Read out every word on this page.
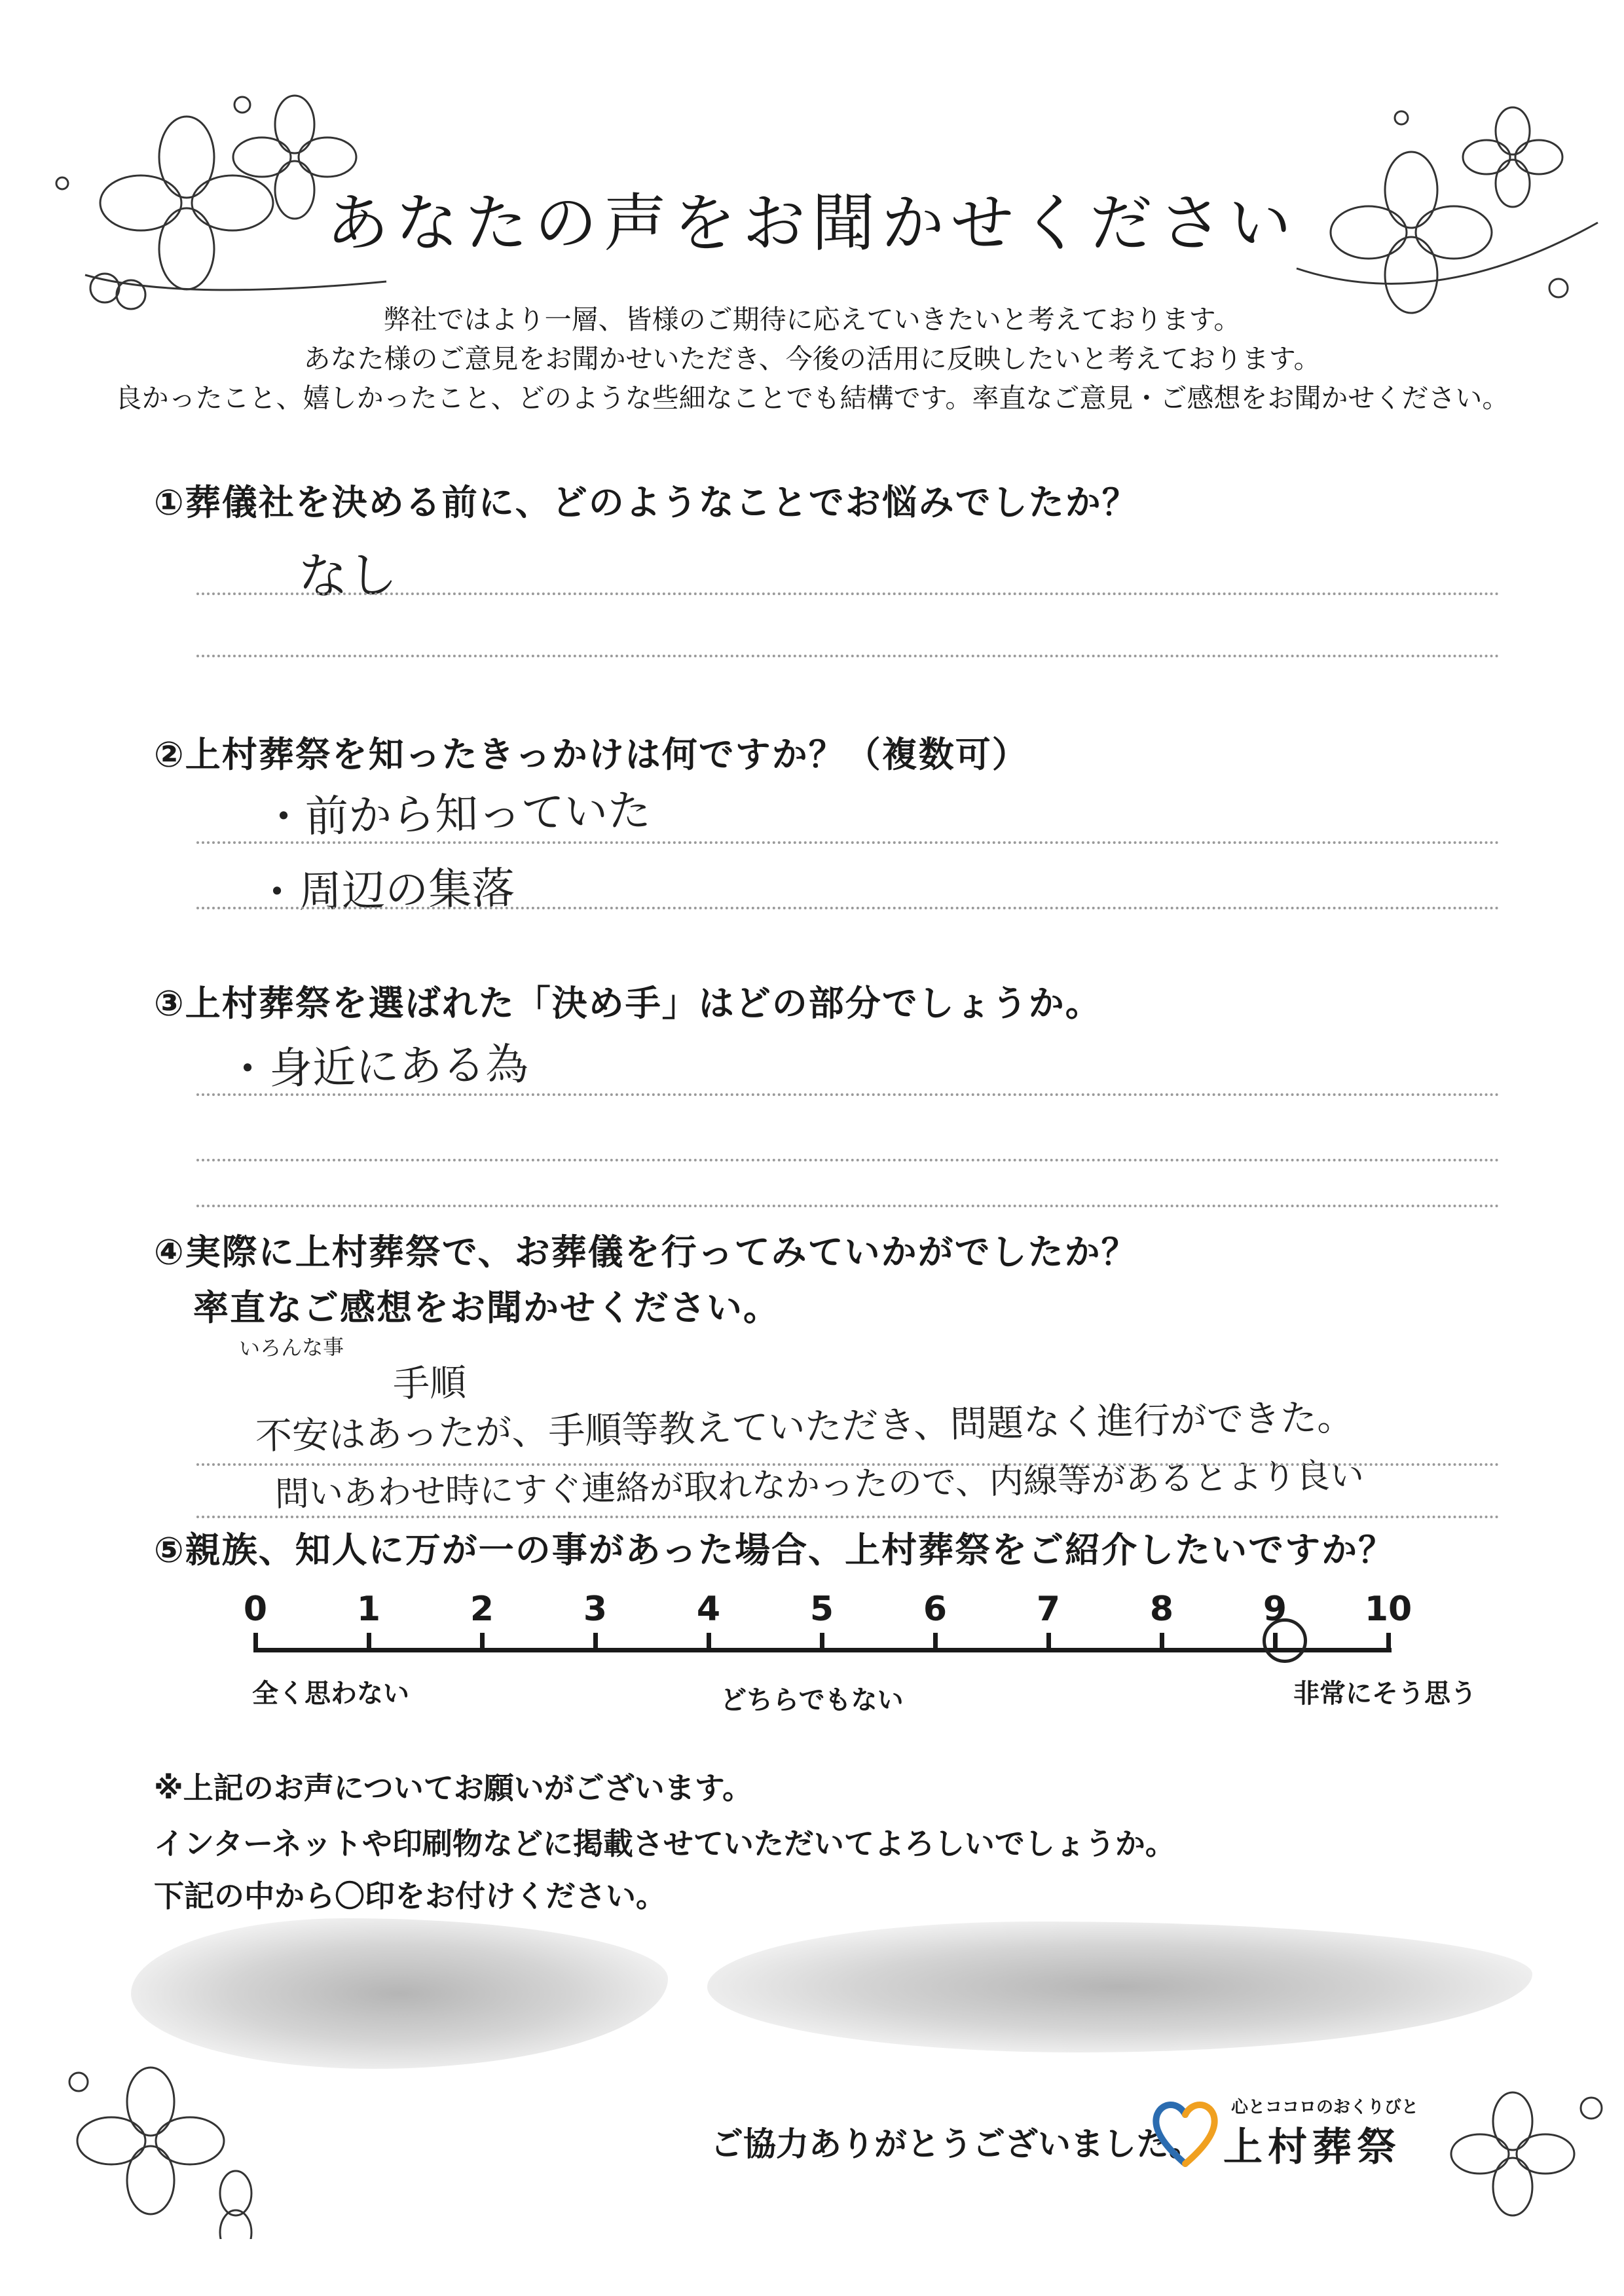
あなたの声をお聞かせください
弊社ではより一層、皆様のご期待に応えていきたいと考えております。
あなた様のご意見をお聞かせいただき、今後の活用に反映したいと考えております。
良かったこと、嬉しかったこと、どのような些細なことでも結構です。率直なご意見・ご感想をお聞かせください。
①葬儀社を決める前に、どのようなことでお悩みでしたか？
なし
②上村葬祭を知ったきっかけは何ですか？（複数可）
・前から知っていた
・周辺の集落
③上村葬祭を選ばれた「決め手」はどの部分でしょうか。
・身近にある為
④実際に上村葬祭で、お葬儀を行ってみていかがでしたか？
率直なご感想をお聞かせください。
いろんな事
手順
不安はあったが、手順等教えていただき、問題なく進行ができた。
問いあわせ時にすぐ連絡が取れなかったので、内線等があるとより良い
⑤親族、知人に万が一の事があった場合、上村葬祭をご紹介したいですか？
0	1	2	3	4	5	6	7	8	9	10
全く思わない	どちらでもない	非常にそう思う
※上記のお声についてお願いがございます。
インターネットや印刷物などに掲載させていただいてよろしいでしょうか。
下記の中から〇印をお付けください。
ご協力ありがとうございました。
心とココロのおくりびと
上村葬祭
